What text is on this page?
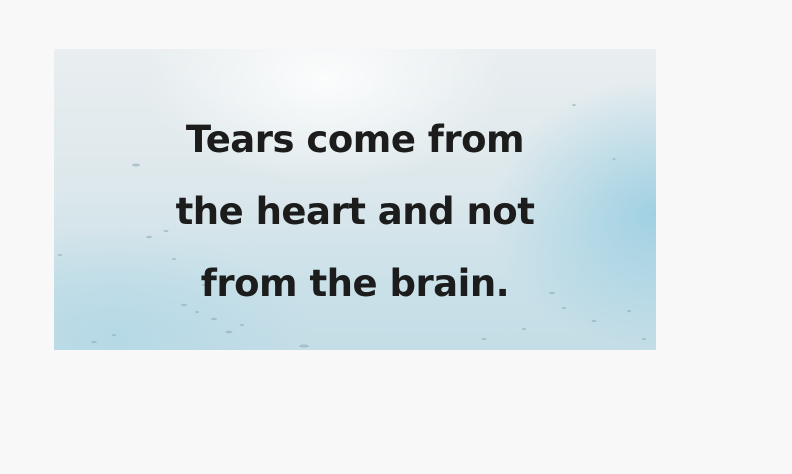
Tears come from
the heart and not
from the brain.
